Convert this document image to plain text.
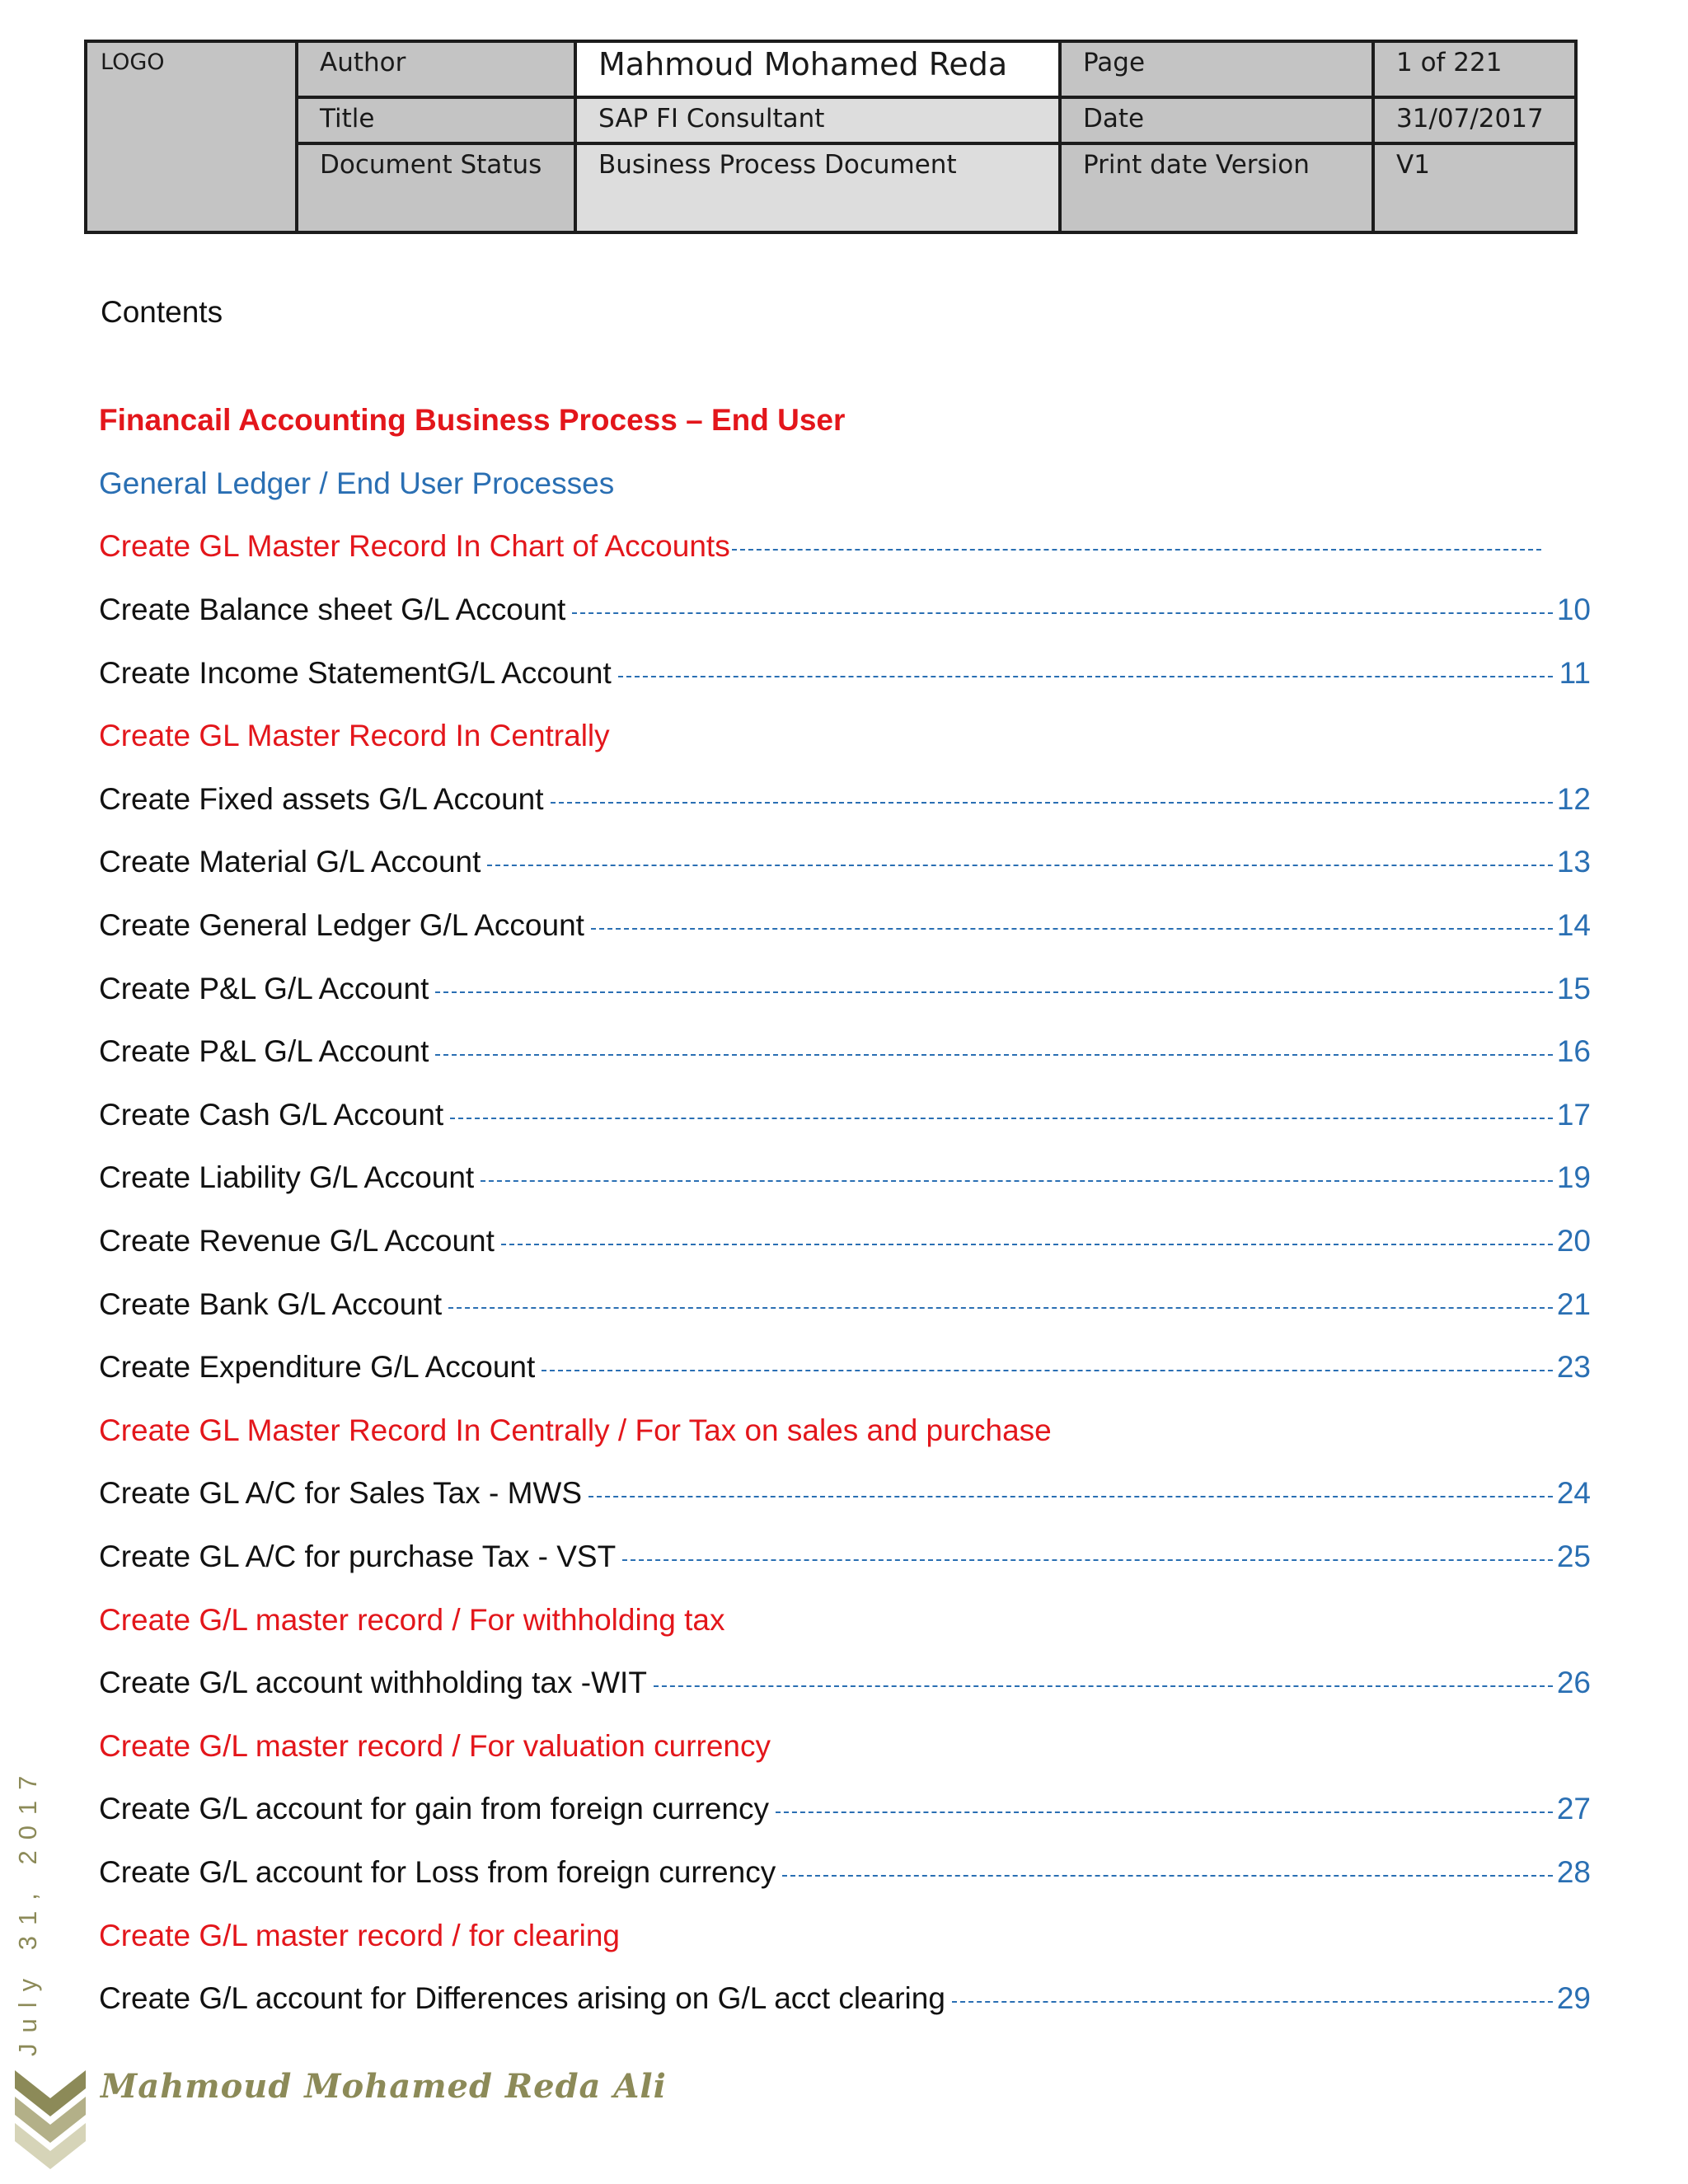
LOGO	Author	Mahmoud Mohamed Reda	Page	1 of 221
	Title	SAP FI Consultant	Date	31/07/2017
	Document Status	Business Process Document	Print date Version	V1
Contents
Financail Accounting Business Process – End User
General Ledger / End User Processes
Create GL Master Record In Chart of Accounts
Create Balance sheet G/L Account	10
Create Income StatementG/L Account	11
Create GL Master Record In Centrally
Create Fixed assets G/L Account	12
Create Material G/L Account	13
Create General Ledger G/L Account	14
Create P&L G/L Account	15
Create P&L G/L Account	16
Create Cash G/L Account	17
Create Liability G/L Account	19
Create Revenue G/L Account	20
Create Bank G/L Account	21
Create Expenditure G/L Account	23
Create GL Master Record In Centrally / For Tax on sales and purchase
Create GL A/C for Sales Tax - MWS	24
Create GL A/C for purchase Tax - VST	25
Create G/L master record / For withholding tax
Create G/L account withholding tax -WIT	26
Create G/L master record / For valuation currency
Create G/L account for gain from foreign currency	27
Create G/L account for Loss from foreign currency	28
Create G/L master record / for clearing
Create G/L account for Differences arising on G/L acct clearing	29
July 31, 2017
Mahmoud Mohamed Reda Ali
